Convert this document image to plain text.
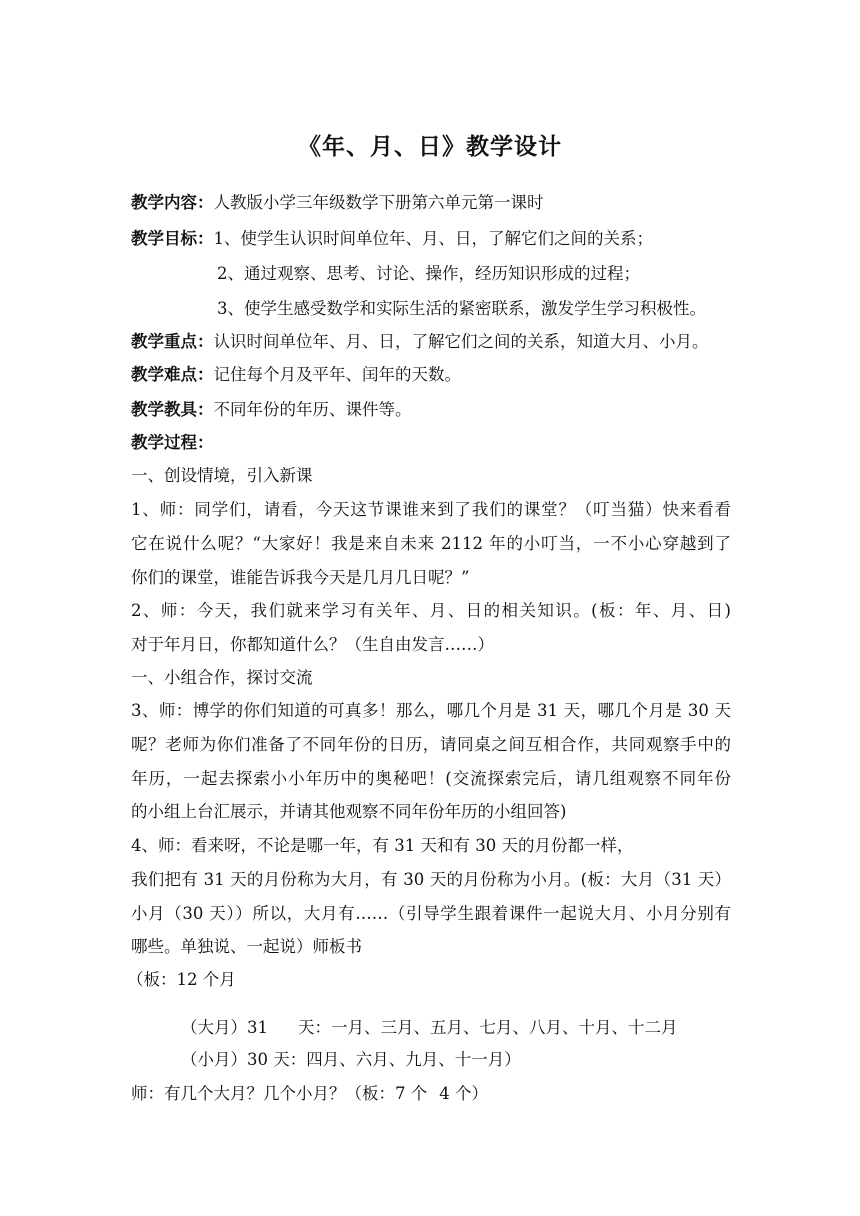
《年、月、日》教学设计
教学内容：人教版小学三年级数学下册第六单元第一课时
教学目标：1、使学生认识时间单位年、月、日，了解它们之间的关系；
2、通过观察、思考、讨论、操作，经历知识形成的过程；
3、使学生感受数学和实际生活的紧密联系，激发学生学习积极性。
教学重点：认识时间单位年、月、日，了解它们之间的关系，知道大月、小月。
教学难点：记住每个月及平年、闰年的天数。
教学教具：不同年份的年历、课件等。
教学过程：
一、创设情境，引入新课
1、师：同学们，请看，今天这节课谁来到了我们的课堂？（叮当猫）快来看看
它在说什么呢？“大家好！我是来自未来 2112 年的小叮当，一不小心穿越到了
你们的课堂，谁能告诉我今天是几月几日呢？”
2、师：今天，我们就来学习有关年、月、日的相关知识。(板：年、月、日)
对于年月日，你都知道什么？（生自由发言……）
一、小组合作，探讨交流
3、师：博学的你们知道的可真多！那么，哪几个月是 31 天，哪几个月是 30 天
呢？老师为你们准备了不同年份的日历，请同桌之间互相合作，共同观察手中的
年历，一起去探索小小年历中的奥秘吧！(交流探索完后，请几组观察不同年份
的小组上台汇展示，并请其他观察不同年份年历的小组回答)
4、师：看来呀，不论是哪一年，有 31 天和有 30 天的月份都一样，
我们把有 31 天的月份称为大月，有 30 天的月份称为小月。(板：大月（31 天）
小月（30 天））所以，大月有……（引导学生跟着课件一起说大月、小月分别有
哪些。单独说、一起说）师板书
（板：12 个月
（大月）31 天：一月、三月、五月、七月、八月、十月、十二月
（小月）30 天：四月、六月、九月、十一月）
师：有几个大月？几个小月？（板：7 个 4 个）
